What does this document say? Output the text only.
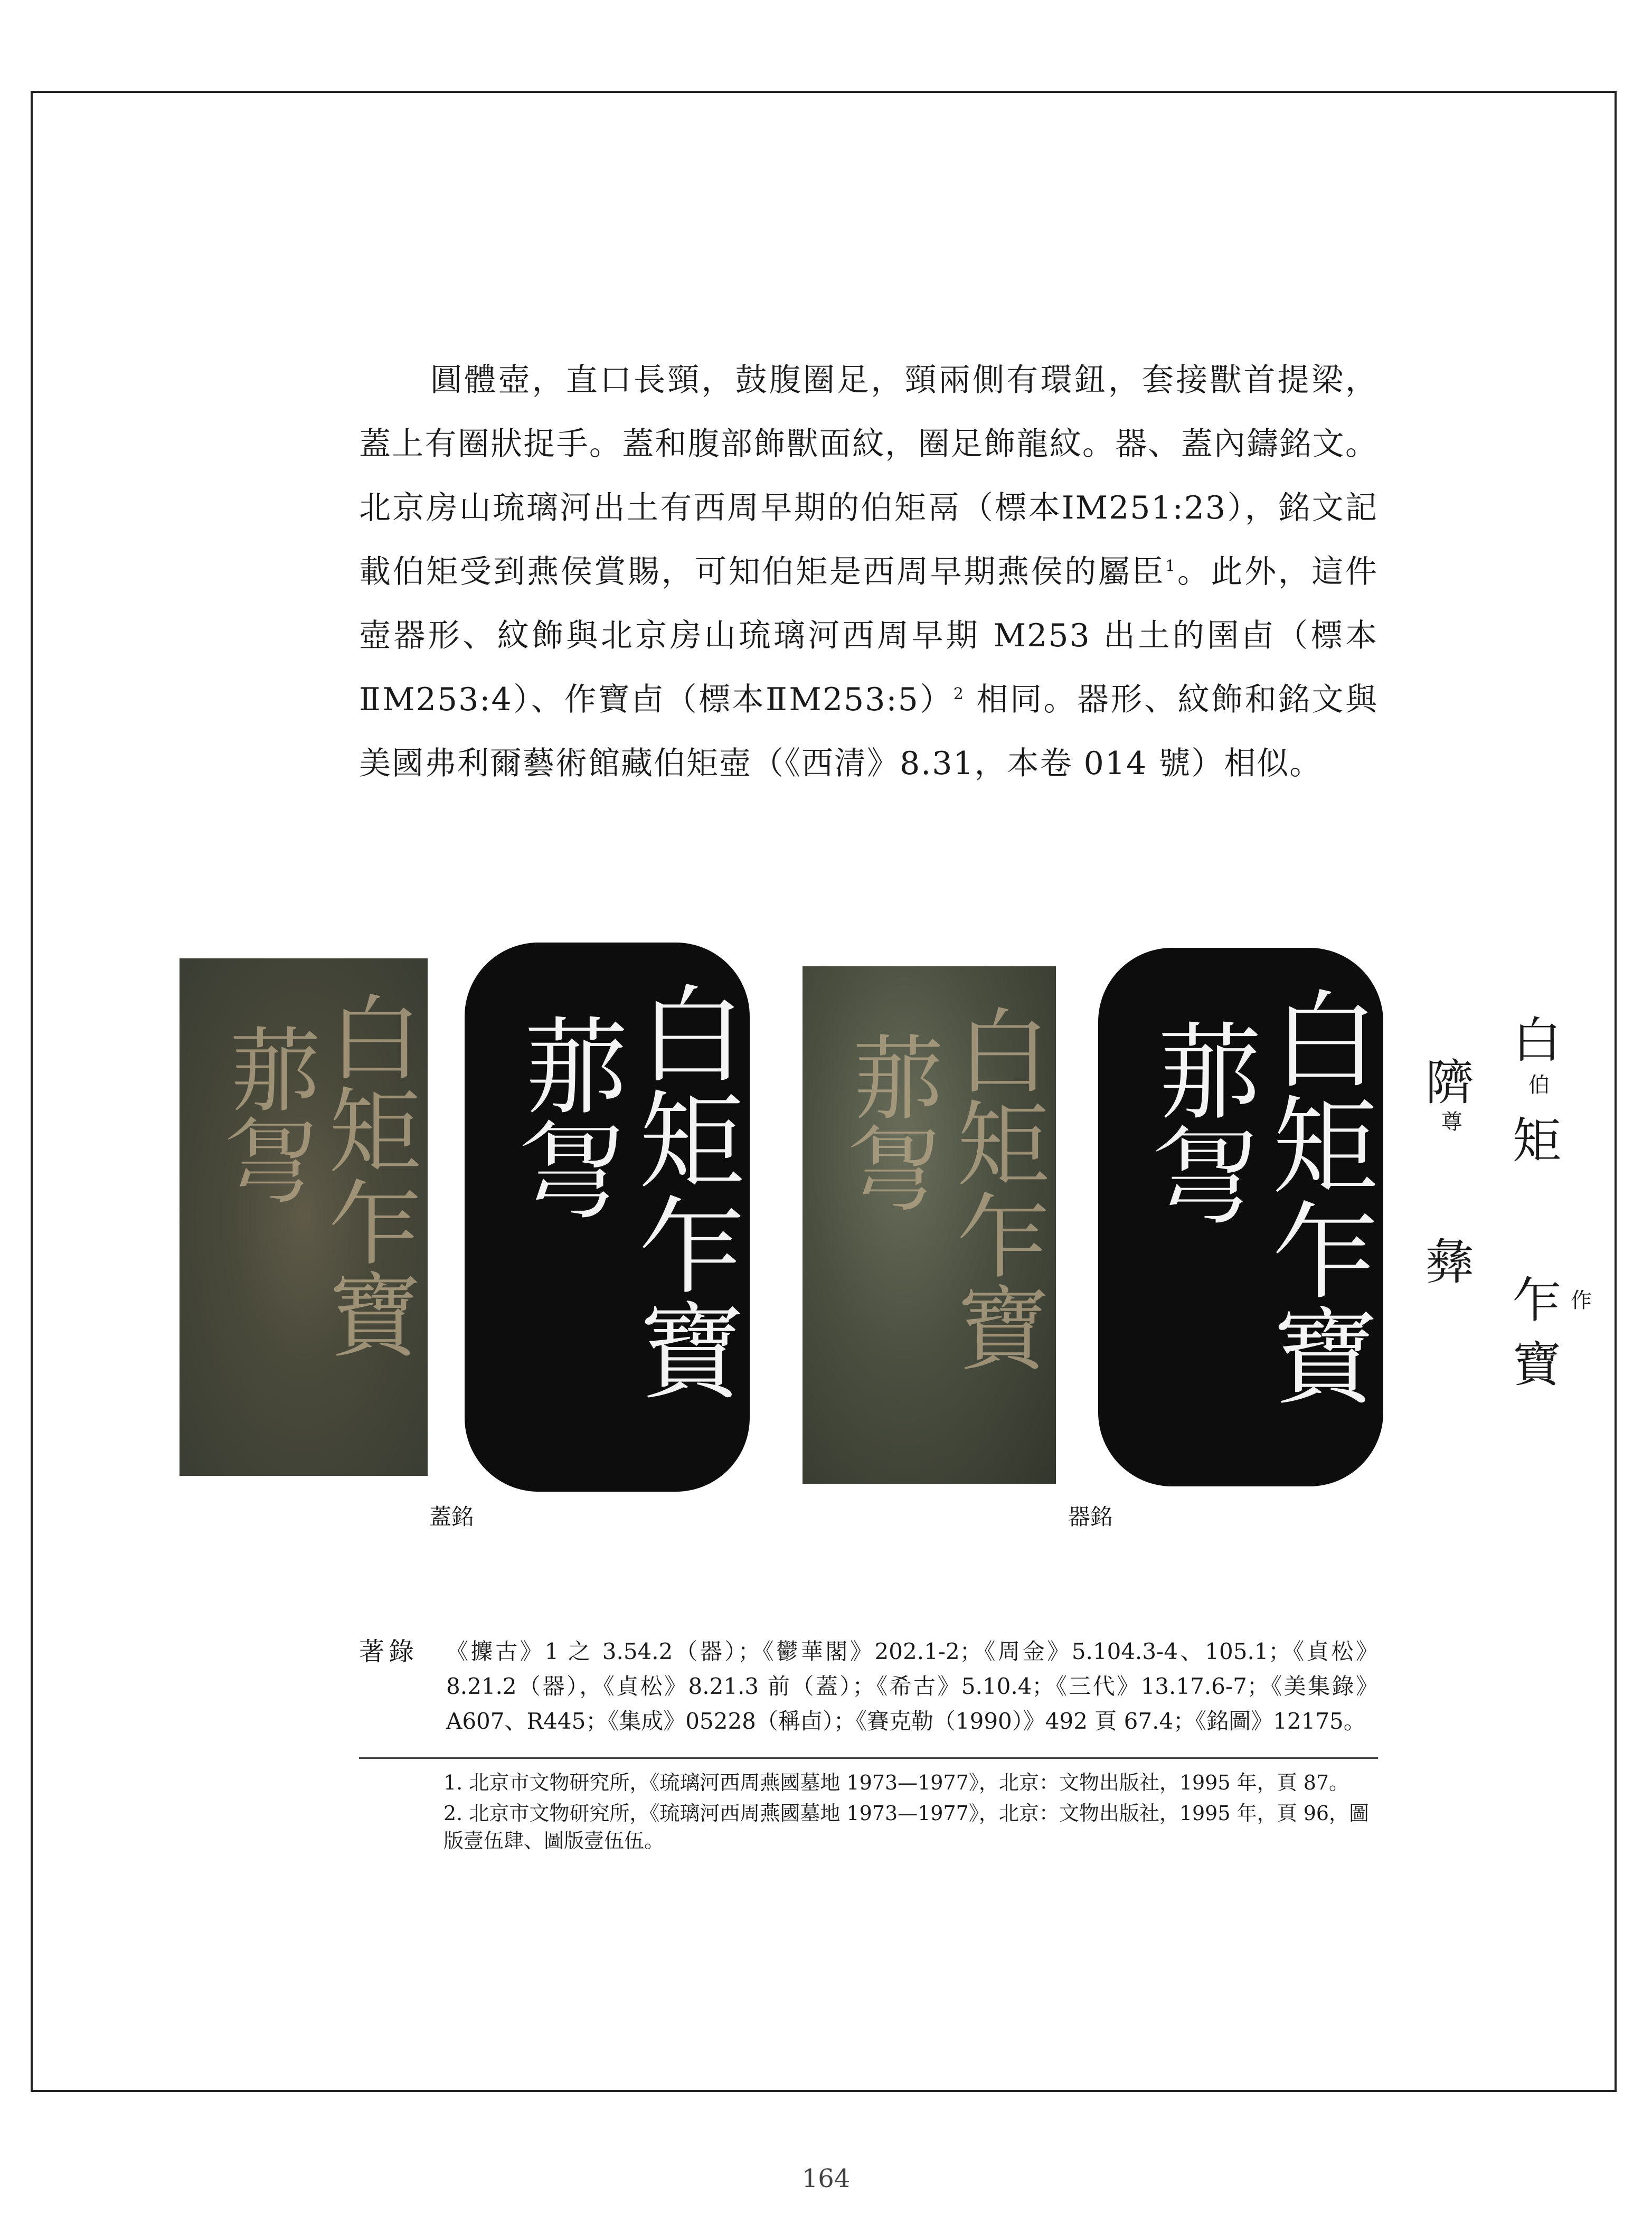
圓體壺，直口長頸，鼓腹圈足，頸兩側有環鈕，套接獸首提梁，蓋上有圈狀捉手。蓋和腹部飾獸面紋，圈足飾龍紋。器、蓋內鑄銘文。北京房山琉璃河出土有西周早期的伯矩鬲（標本IM251:23），銘文記載伯矩受到燕侯賞賜，可知伯矩是西周早期燕侯的屬臣$^1$。此外，這件壺器形、紋飾與北京房山琉璃河西周早期 M253 出土的圉卣（標本ⅡM253:4）、作寶卣（標本ⅡM253:5）$^2$ 相同。器形、紋飾和銘文與美國弗利爾藝術館藏伯矩壺（《西清》8.31，本卷 014 號）相似。

白矩乍寶
𦰡𢏔	白矩乍寶
𦰡𢏔
蓋銘
白矩乍寶
𦰡𢏔	白矩乍寶
𦰡𢏔
器銘
白
伯
矩
乍 作
寶
隮
尊
彝
著錄 《攈古》1 之 3.54.2（器）；《鬱華閣》202.1-2；《周金》5.104.3-4、105.1；《貞松》8.21.2（器），《貞松》8.21.3 前（蓋）；《希古》5.10.4；《三代》13.17.6-7；《美集錄》A607、R445；《集成》05228（稱卣）；《賽克勒（1990）》492 頁 67.4；《銘圖》12175。
1. 北京市文物研究所，《琉璃河西周燕國墓地 1973—1977》，北京：文物出版社，1995 年，頁 87。
2. 北京市文物研究所，《琉璃河西周燕國墓地 1973—1977》，北京：文物出版社，1995 年，頁 96，圖版壹伍肆、圖版壹伍伍。
164
